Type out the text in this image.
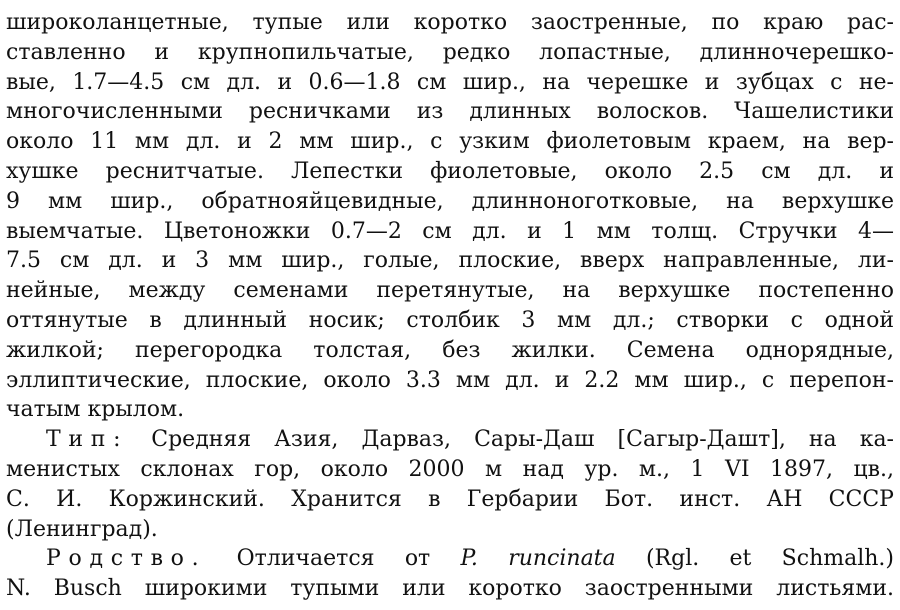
широколанцетные, тупые или коротко заостренные, по краю рас-
ставленно и крупнопильчатые, редко лопастные, длинночерешко-
вые, 1.7—4.5 см дл. и 0.6—1.8 см шир., на черешке и зубцах с не-
многочисленными ресничками из длинных волосков. Чашелистики
около 11 мм дл. и 2 мм шир., с узким фиолетовым краем, на вер-
хушке реснитчатые. Лепестки фиолетовые, около 2.5 см дл. и
9 мм шир., обратнояйцевидные, длинноноготковые, на верхушке
выемчатые. Цветоножки 0.7—2 см дл. и 1 мм толщ. Стручки 4—
7.5 см дл. и 3 мм шир., голые, плоские, вверх направленные, ли-
нейные, между семенами перетянутые, на верхушке постепенно
оттянутые в длинный носик; столбик 3 мм дл.; створки с одной
жилкой; перегородка толстая, без жилки. Семена однорядные,
эллиптические, плоские, около 3.3 мм дл. и 2.2 мм шир., с перепон-
чатым крылом.
Тип: Средняя Азия, Дарваз, Сары-Даш [Сагыр-Дашт], на ка-
менистых склонах гор, около 2000 м над ур. м., 1 VI 1897, цв.,
С. И. Коржинский. Хранится в Гербарии Бот. инст. АН СССР
(Ленинград).
Родство. Отличается от P. runcinata (Rgl. et Schmalh.)
N. Busch широкими тупыми или коротко заостренными листьями.
